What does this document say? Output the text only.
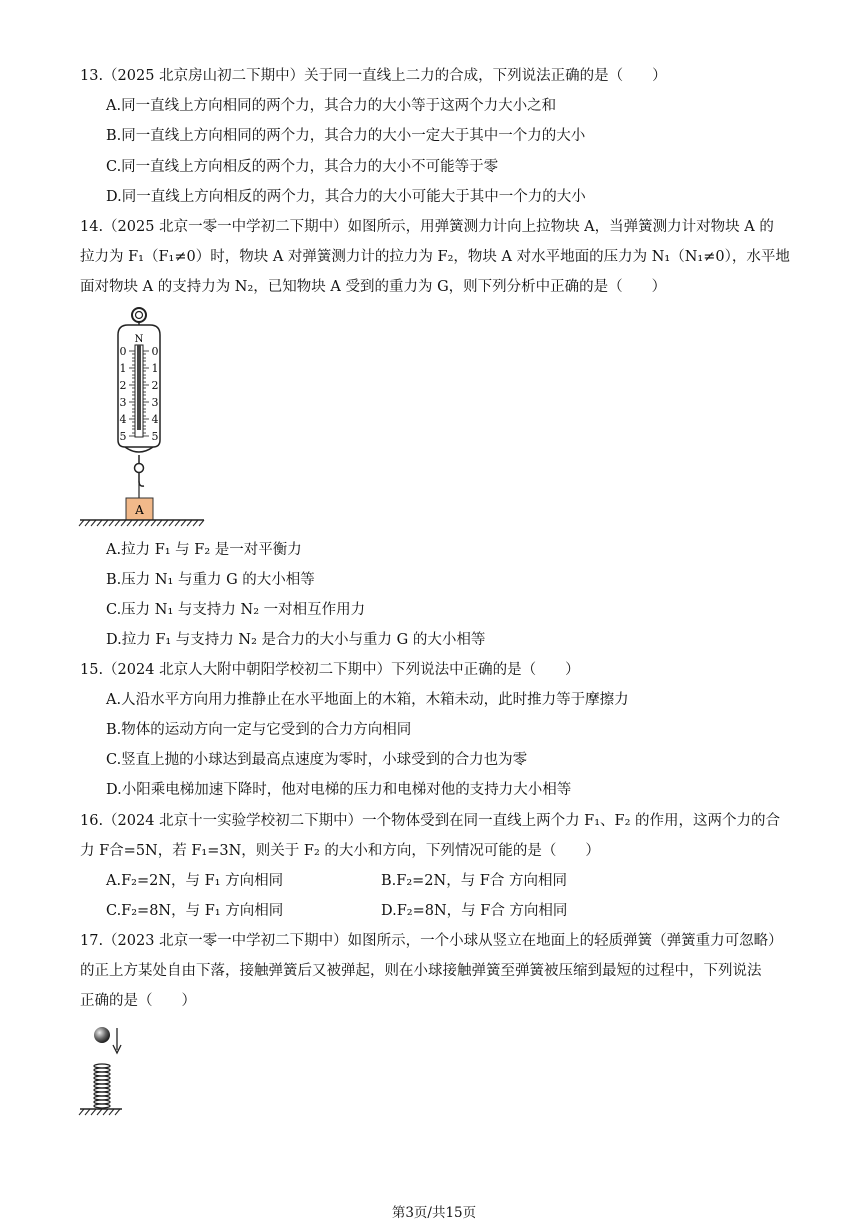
13.（2025 北京房山初二下期中）关于同一直线上二力的合成，下列说法正确的是（　　）
A.同一直线上方向相同的两个力，其合力的大小等于这两个力大小之和
B.同一直线上方向相同的两个力，其合力的大小一定大于其中一个力的大小
C.同一直线上方向相反的两个力，其合力的大小不可能等于零
D.同一直线上方向相反的两个力，其合力的大小可能大于其中一个力的大小
14.（2025 北京一零一中学初二下期中）如图所示，用弹簧测力计向上拉物块 A，当弹簧测力计对物块 A 的
拉力为 F₁（F₁≠0）时，物块 A 对弹簧测力计的拉力为 F₂，物块 A 对水平地面的压力为 N₁（N₁≠0），水平地
面对物块 A 的支持力为 N₂，已知物块 A 受到的重力为 G，则下列分析中正确的是（　　）
N
0
1
2
3
4
5
0
1
2
3
4
5
A
A.拉力 F₁ 与 F₂ 是一对平衡力
B.压力 N₁ 与重力 G 的大小相等
C.压力 N₁ 与支持力 N₂ 一对相互作用力
D.拉力 F₁ 与支持力 N₂ 是合力的大小与重力 G 的大小相等
15.（2024 北京人大附中朝阳学校初二下期中）下列说法中正确的是（　　）
A.人沿水平方向用力推静止在水平地面上的木箱，木箱未动，此时推力等于摩擦力
B.物体的运动方向一定与它受到的合力方向相同
C.竖直上抛的小球达到最高点速度为零时，小球受到的合力也为零
D.小阳乘电梯加速下降时，他对电梯的压力和电梯对他的支持力大小相等
16.（2024 北京十一实验学校初二下期中）一个物体受到在同一直线上两个力 F₁、F₂ 的作用，这两个力的合
力 F合=5N，若 F₁=3N，则关于 F₂ 的大小和方向，下列情况可能的是（　　）
A.F₂=2N，与 F₁ 方向相同	B.F₂=2N，与 F合 方向相同
C.F₂=8N，与 F₁ 方向相同	D.F₂=8N，与 F合 方向相同
17.（2023 北京一零一中学初二下期中）如图所示，一个小球从竖立在地面上的轻质弹簧（弹簧重力可忽略）
的正上方某处自由下落，接触弹簧后又被弹起，则在小球接触弹簧至弹簧被压缩到最短的过程中，下列说法
正确的是（　　）
第3页/共15页
